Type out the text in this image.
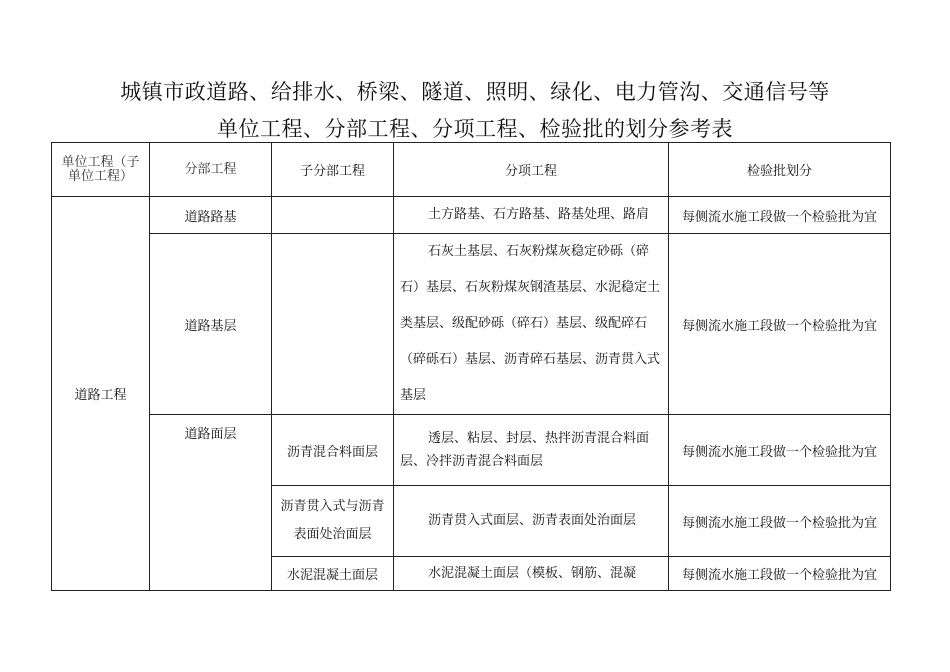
城镇市政道路、给排水、桥梁、隧道、照明、绿化、电力管沟、交通信号等
单位工程、分部工程、分项工程、检验批的划分参考表
单位工程（子单位工程）	分部工程	子分部工程	分项工程	检验批划分
道路工程	道路路基		土方路基、石方路基、路基处理、路肩	每侧流水施工段做一个检验批为宜
	道路基层		石灰土基层、石灰粉煤灰稳定砂砾（碎石）基层、石灰粉煤灰钢渣基层、水泥稳定土类基层、级配砂砾（碎石）基层、级配碎石（碎砾石）基层、沥青碎石基层、沥青贯入式基层	每侧流水施工段做一个检验批为宜
	道路面层	沥青混合料面层	透层、粘层、封层、热拌沥青混合料面层、冷拌沥青混合料面层	每侧流水施工段做一个检验批为宜

		沥青贯入式与沥青表面处治面层	沥青贯入式面层、沥青表面处治面层	每侧流水施工段做一个检验批为宜
		水泥混凝土面层	水泥混凝土面层（模板、钢筋、混凝	每侧流水施工段做一个检验批为宜
